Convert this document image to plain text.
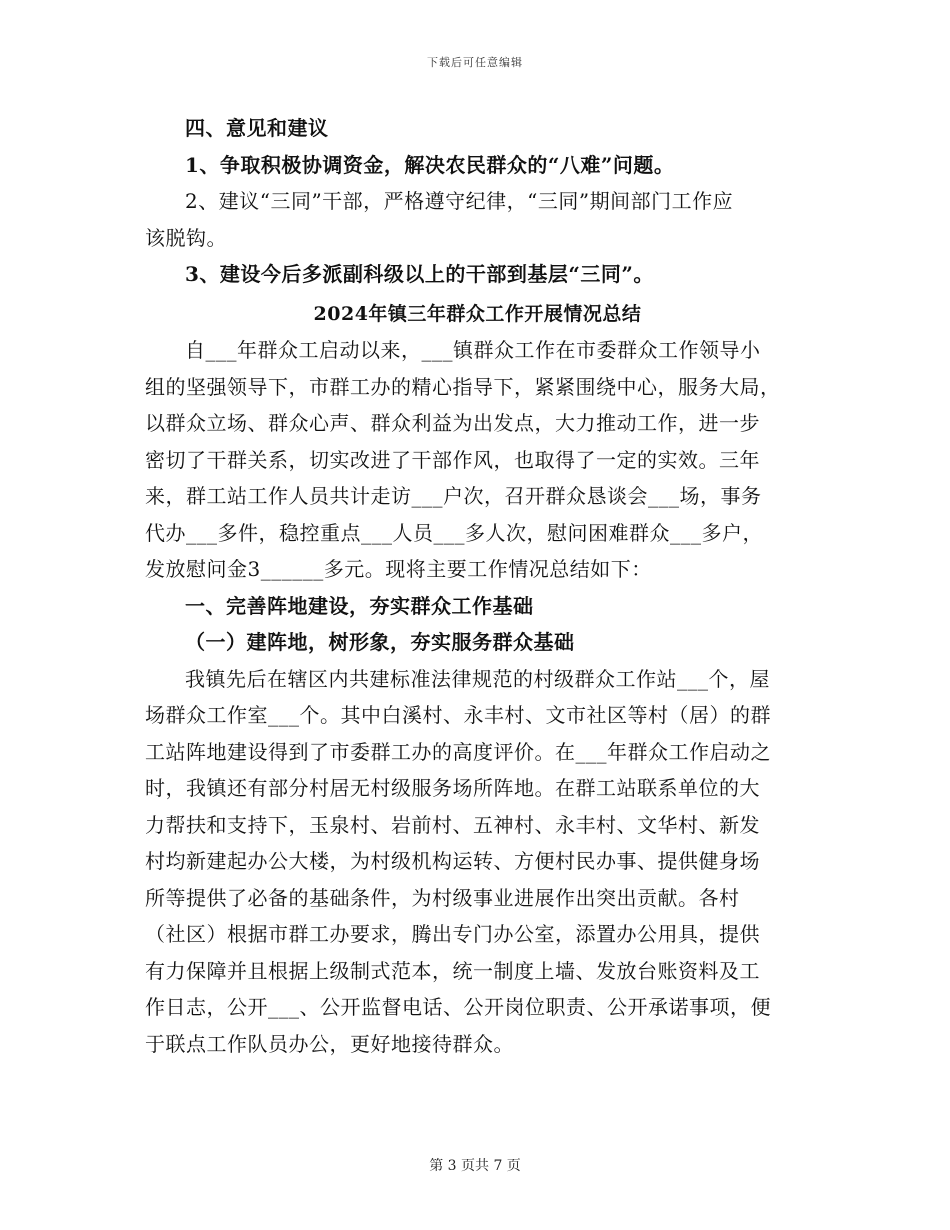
下载后可任意编辑
四、意见和建议
1、争取积极协调资金，解决农民群众的“八难”问题。
2、建议“三同”干部，严格遵守纪律，“三同”期间部门工作应
该脱钩。
3、建设今后多派副科级以上的干部到基层“三同”。
2024年镇三年群众工作开展情况总结
自___年群众工启动以来，___镇群众工作在市委群众工作领导小
组的坚强领导下，市群工办的精心指导下，紧紧围绕中心，服务大局，
以群众立场、群众心声、群众利益为出发点，大力推动工作，进一步
密切了干群关系，切实改进了干部作风，也取得了一定的实效。三年
来，群工站工作人员共计走访___户次，召开群众恳谈会___场，事务
代办___多件，稳控重点___人员___多人次，慰问困难群众___多户，
发放慰问金3______多元。现将主要工作情况总结如下：
一、完善阵地建设，夯实群众工作基础
（一）建阵地，树形象，夯实服务群众基础
我镇先后在辖区内共建标准法律规范的村级群众工作站___个，屋
场群众工作室___个。其中白溪村、永丰村、文市社区等村（居）的群
工站阵地建设得到了市委群工办的高度评价。在___年群众工作启动之
时，我镇还有部分村居无村级服务场所阵地。在群工站联系单位的大
力帮扶和支持下，玉泉村、岩前村、五神村、永丰村、文华村、新发
村均新建起办公大楼，为村级机构运转、方便村民办事、提供健身场
所等提供了必备的基础条件，为村级事业进展作出突出贡献。各村
（社区）根据市群工办要求，腾出专门办公室，添置办公用具，提供
有力保障并且根据上级制式范本，统一制度上墙、发放台账资料及工
作日志，公开___、公开监督电话、公开岗位职责、公开承诺事项，便
于联点工作队员办公，更好地接待群众。
第 3 页共 7 页
